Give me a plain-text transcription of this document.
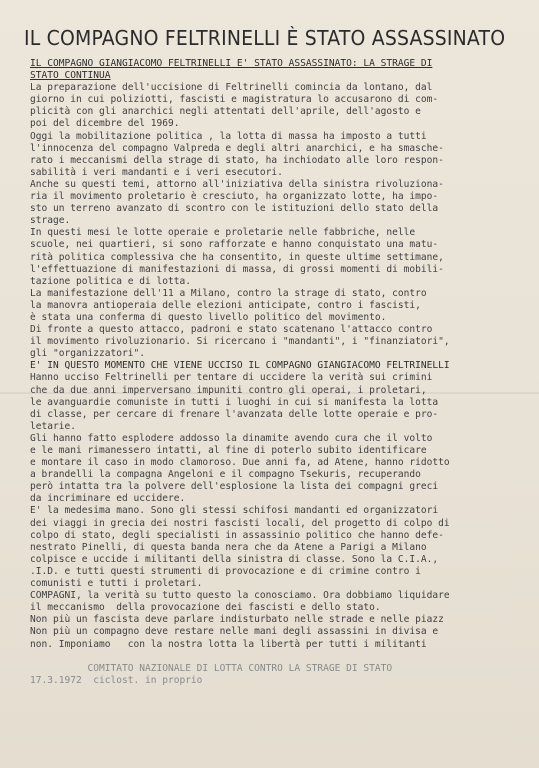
IL COMPAGNO FELTRINELLI È STATO ASSASSINATO
IL COMPAGNO GIANGIACOMO FELTRINELLI E' STATO ASSASSINATO: LA STRAGE DI
STATO CONTINUA
La preparazione dell'uccisione di Feltrinelli comincia da lontano, dal
giorno in cui poliziotti, fascisti e magistratura lo accusarono di com-
plicità con gli anarchici negli attentati dell'aprile, dell'agosto e
poi del dicembre del 1969.
Oggi la mobilitazione politica , la lotta di massa ha imposto a tutti
l'innocenza del compagno Valpreda e degli altri anarchici, e ha smasche-
rato i meccanismi della strage di stato, ha inchiodato alle loro respon-
sabilità i veri mandanti e i veri esecutori.
Anche su questi temi, attorno all'iniziativa della sinistra rivoluziona-
ria il movimento proletario è cresciuto, ha organizzato lotte, ha impo-
sto un terreno avanzato di scontro con le istituzioni dello stato della
strage.
In questi mesi le lotte operaie e proletarie nelle fabbriche, nelle
scuole, nei quartieri, si sono rafforzate e hanno conquistato una matu-
rità politica complessiva che ha consentito, in queste ultime settimane,
l'effettuazione di manifestazioni di massa, di grossi momenti di mobili-
tazione politica e di lotta.
La manifestazione dell'11 a Milano, contro la strage di stato, contro
la manovra antioperaia delle elezioni anticipate, contro i fascisti,
è stata una conferma di questo livello politico del movimento.
Di fronte a questo attacco, padroni e stato scatenano l'attacco contro
il movimento rivoluzionario. Si ricercano i "mandanti", i "finanziatori",
gli "organizzatori".
E' IN QUESTO MOMENTO CHE VIENE UCCISO IL COMPAGNO GIANGIACOMO FELTRINELLI
Hanno ucciso Feltrinelli per tentare di uccidere la verità sui crimini
che da due anni imperversano impuniti contro gli operai, i proletari,
le avanguardie comuniste in tutti i luoghi in cui si manifesta la lotta
di classe, per cercare di frenare l'avanzata delle lotte operaie e pro-
letarie.
Gli hanno fatto esplodere addosso la dinamite avendo cura che il volto
e le mani rimanessero intatti, al fine di poterlo subito identificare
e montare il caso in modo clamoroso. Due anni fa, ad Atene, hanno ridotto
a brandelli la compagna Angeloni e il compagno Tsekuris, recuperando
però intatta tra la polvere dell'esplosione la lista dei compagni greci
da incriminare ed uccidere.
E' la medesima mano. Sono gli stessi schifosi mandanti ed organizzatori
dei viaggi in grecia dei nostri fascisti locali, del progetto di colpo di
colpo di stato, degli specialisti in assassinio politico che hanno defe-
nestrato Pinelli, di questa banda nera che da Atene a Parigi a Milano
colpisce e uccide i militanti della sinistra di classe. Sono la C.I.A.,
.I.D. e tutti questi strumenti di provocazione e di crimine contro i
comunisti e tutti i proletari.
COMPAGNI, la verità su tutto questo la conosciamo. Ora dobbiamo liquidare
il meccanismo  della provocazione dei fascisti e dello stato.
Non più un fascista deve parlare indisturbato nelle strade e nelle piazz
Non più un compagno deve restare nelle mani degli assassini in divisa e
non. Imponiamo   con la nostra lotta la libertà per tutti i militanti
COMITATO NAZIONALE DI LOTTA CONTRO LA STRAGE DI STATO
17.3.1972  ciclost. in proprio
